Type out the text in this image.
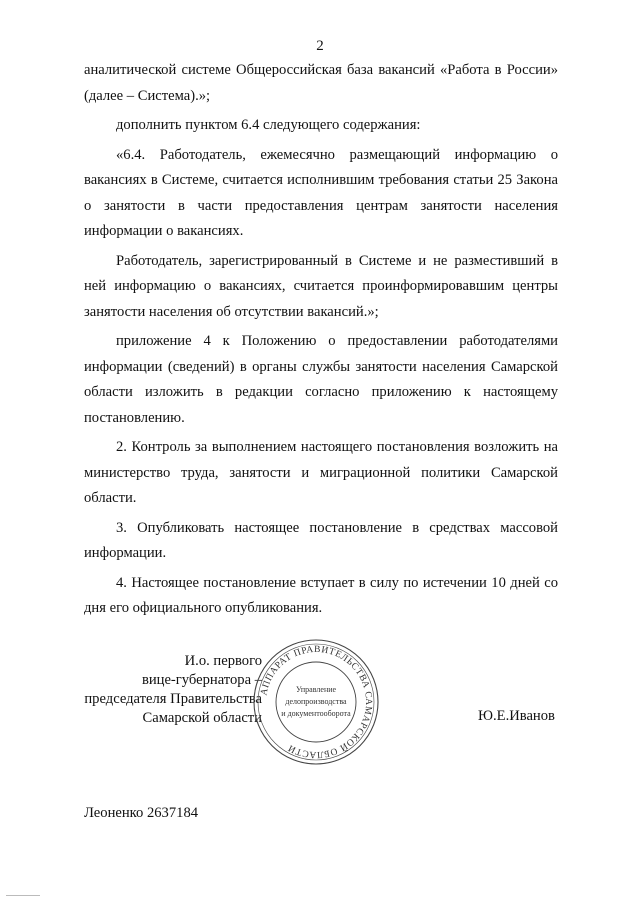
2

аналитической системе Общероссийская база вакансий «Работа в России» (далее – Система).»;

дополнить пунктом 6.4 следующего содержания:

«6.4. Работодатель, ежемесячно размещающий информацию о вакансиях в Системе, считается исполнившим требования статьи 25 Закона о занятости в части предоставления центрам занятости населения информации о вакансиях.

Работодатель, зарегистрированный в Системе и не разместивший в ней информацию о вакансиях, считается проинформировавшим центры занятости населения об отсутствии вакансий.»;

приложение 4 к Положению о предоставлении работодателями информации (сведений) в органы службы занятости населения Самарской области изложить в редакции согласно приложению к настоящему постановлению.

2. Контроль за выполнением настоящего постановления возложить на министерство труда, занятости и миграционной политики Самарской области.

3. Опубликовать настоящее постановление в средствах массовой информации.

4. Настоящее постановление вступает в силу по истечении 10 дней со дня его официального опубликования.

И.о. первого
вице-губернатора –
председателя Правительства
Самарской области
АППАРАТ ПРАВИТЕЛЬСТВА САМАРСКОЙ ОБЛАСТИ
Управление
делопроизводства
и документооборота	Ю.Е.Иванов
Леоненко 2637184
